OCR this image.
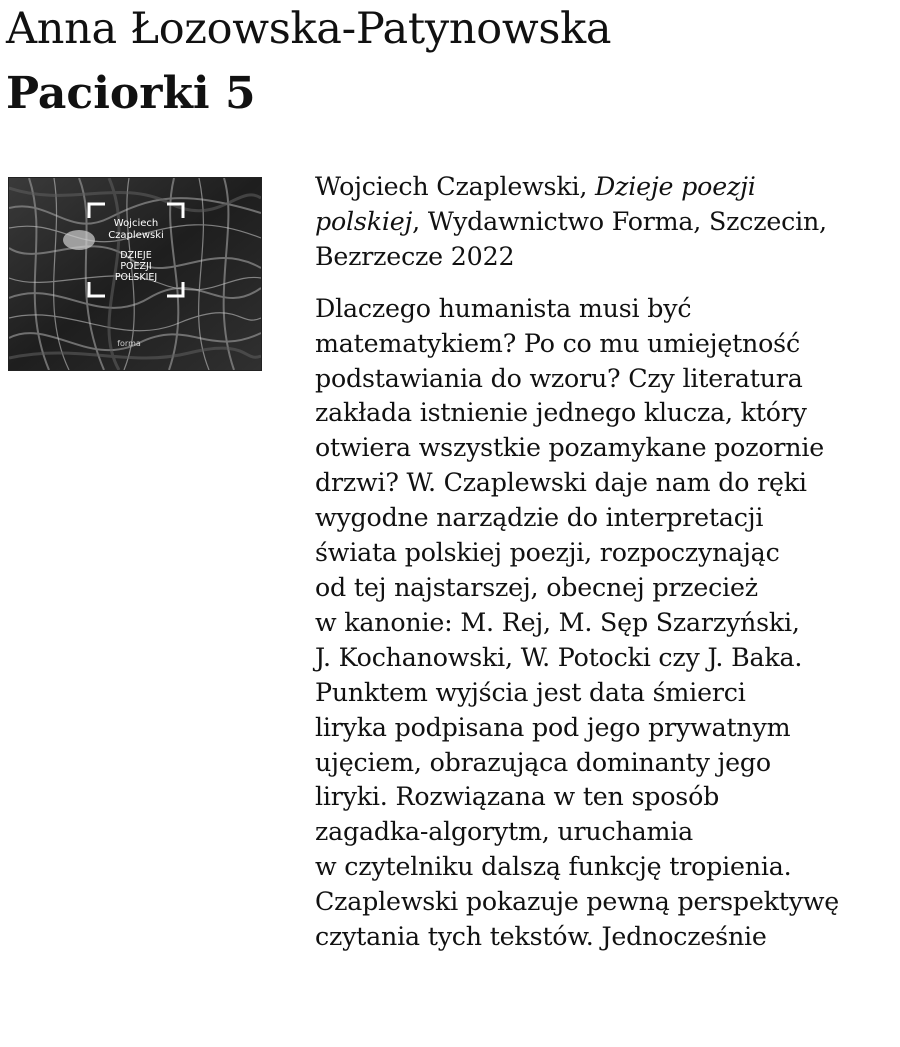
Anna Łozowska-Patynowska
Paciorki 5
Wojciech
Czaplewski
DZIEJE
POEZJI
POLSKIEJ
forma
Wojciech Czaplewski, Dzieje poezji
polskiej, Wydawnictwo Forma, Szczecin,
Bezrzecze 2022
Dlaczego humanista musi być
matematykiem? Po co mu umiejętność
podstawiania do wzoru? Czy literatura
zakłada istnienie jednego klucza, który
otwiera wszystkie pozamykane pozornie
drzwi? W. Czaplewski daje nam do ręki
wygodne narządzie do interpretacji
świata polskiej poezji, rozpoczynając
od tej najstarszej, obecnej przecież
w kanonie: M. Rej, M. Sęp Szarzyński,
J. Kochanowski, W. Potocki czy J. Baka.
Punktem wyjścia jest data śmierci
liryka podpisana pod jego prywatnym
ujęciem, obrazująca dominanty jego
liryki. Rozwiązana w ten sposób
zagadka-algorytm, uruchamia
w czytelniku dalszą funkcję tropienia.
Czaplewski pokazuje pewną perspektywę
czytania tych tekstów. Jednocześnie
